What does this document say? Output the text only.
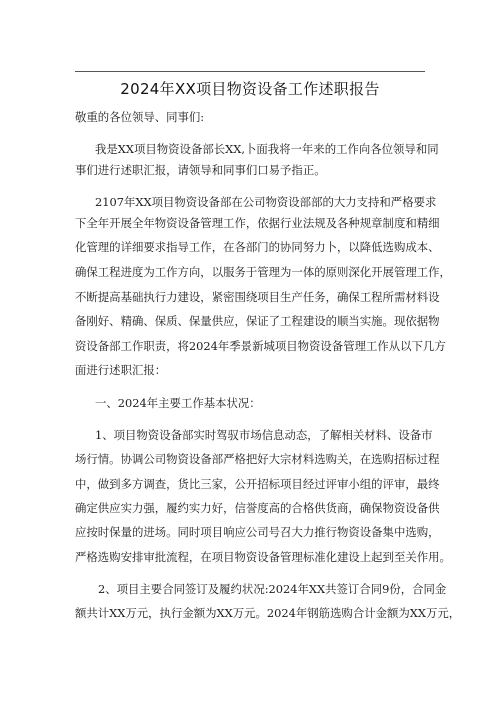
2024年XX项目物资设备工作述职报告
敬重的各位领导、同事们:
我是XX项目物资设备部长XX,卜面我将一年来的工作向各位领导和同
事们进行述职汇报，请领导和同事们口易予指正。
2107年XX项目物资设备部在公司物资设部部的大力支持和严格要求
下全年开展全年物资设备管理工作，依据行业法规及各种规章制度和精细
化管理的详细要求指导工作，在各部门的协同努力卜，以降低选购成本、
确保工程进度为工作方向，以服务于管理为一体的原则深化开展管理工作，
不断提高基础执行力建设，紧密围绕项目生产任务，确保工程所需材料设
备刚好、精确、保质、保量供应，保证了工程建设的顺当实施。现依据物
资设备部工作职责，将2024年季景新城项目物资设备管理工作从以下几方
面进行述职汇报：
一、2024年主要工作基本状况：
1、项目物资设备部实时驾驭市场信息动态，了解相关材料、设备市
场行情。协调公司物资设备部严格把好大宗材料选购关，在选购招标过程
中，做到多方调查，货比三家，公开招标项目经过评审小组的评审，最终
确定供应实力强，履约实力好，信誉度高的合格供货商，确保物资设备供
应按时保量的进场。同时项目响应公司号召大力推行物资设备集中选购，
严格选购安排审批流程，在项目物资设备管理标准化建设上起到至关作用。
2、项目主要合同签订及履约状况:2024年XX共签订合同9份，合同金
额共计XX万元，执行金额为XX万元。2024年钢筋选购合计金额为XX万元，
